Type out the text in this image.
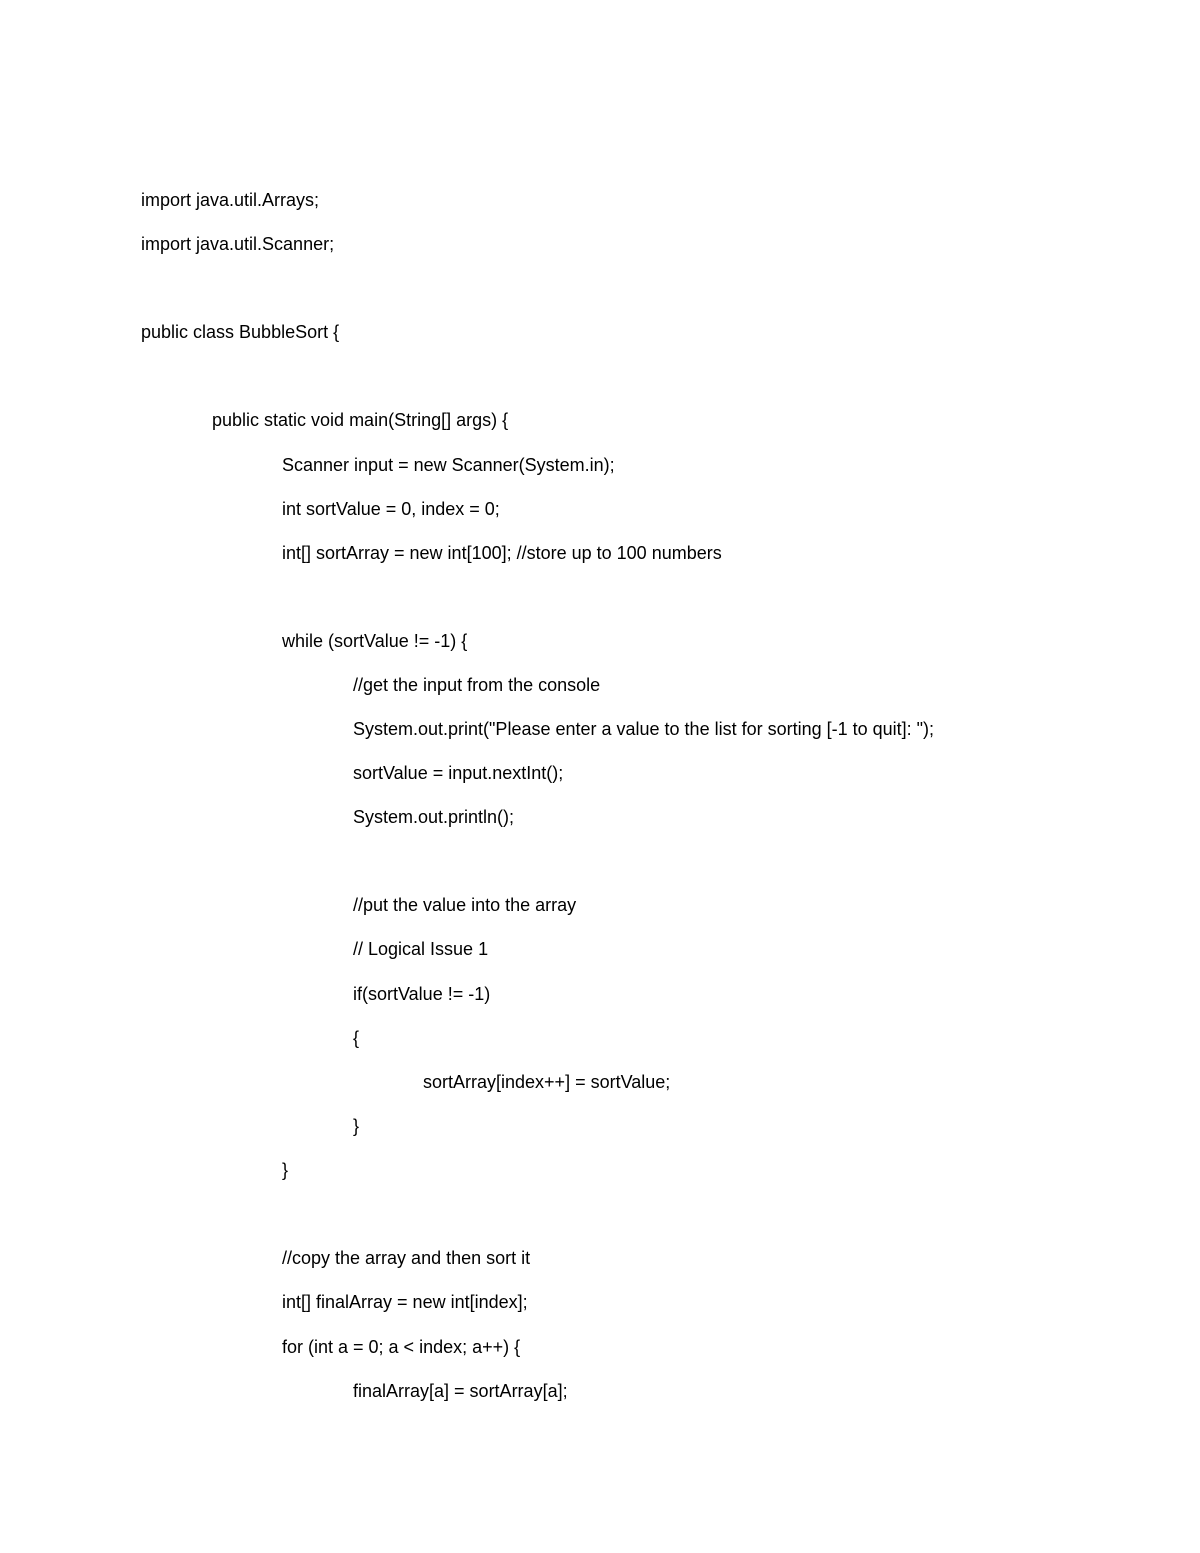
import java.util.Arrays;
import java.util.Scanner;
public class BubbleSort {
public static void main(String[] args) {
Scanner input = new Scanner(System.in);
int sortValue = 0, index = 0;
int[] sortArray = new int[100]; //store up to 100 numbers
while (sortValue != -1) {
//get the input from the console
System.out.print("Please enter a value to the list for sorting [-1 to quit]: ");
sortValue = input.nextInt();
System.out.println();
//put the value into the array
// Logical Issue 1
if(sortValue != -1)
{
sortArray[index++] = sortValue;
}
}
//copy the array and then sort it
int[] finalArray = new int[index];
for (int a = 0; a < index; a++) {
finalArray[a] = sortArray[a];
